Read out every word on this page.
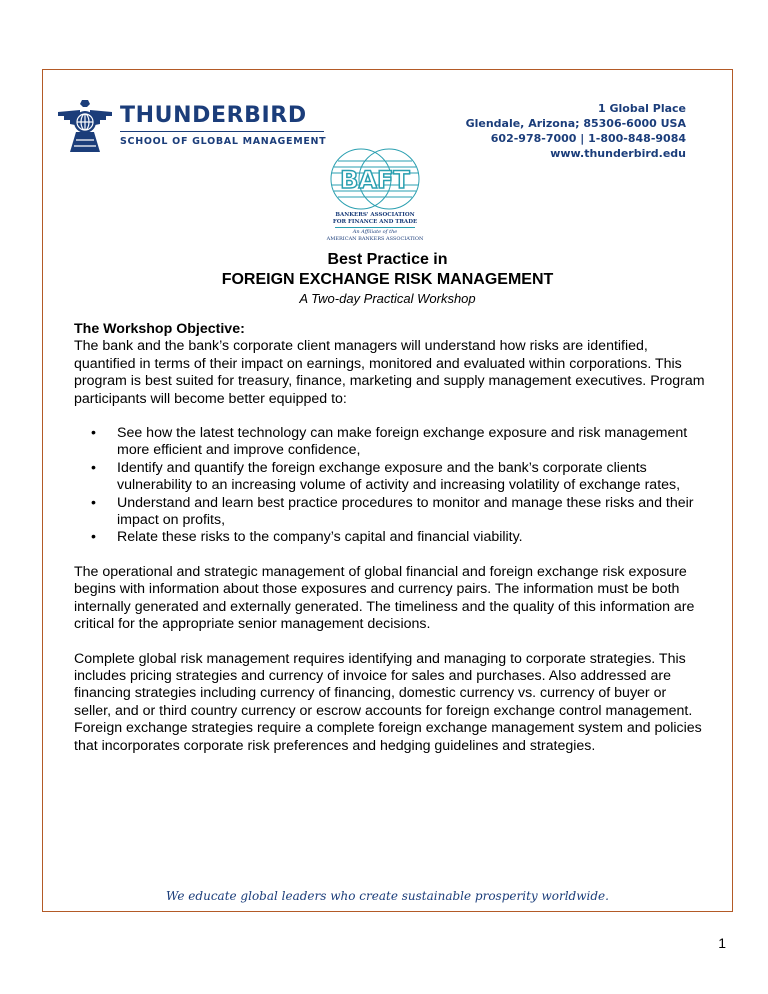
THUNDERBIRD
SCHOOL OF GLOBAL MANAGEMENT
1 Global Place
Glendale, Arizona; 85306-6000 USA
602-978-7000 | 1-800-848-9084
www.thunderbird.edu
BAFT
BANKERS' ASSOCIATION
FOR FINANCE AND TRADE
An Affiliate of the
AMERICAN BANKERS ASSOCIATION
Best Practice in
FOREIGN EXCHANGE RISK MANAGEMENT
A Two-day Practical Workshop

The Workshop Objective:

The bank and the bank’s corporate client managers will understand how risks are identified, quantified in terms of their impact on earnings, monitored and evaluated within corporations. This program is best suited for treasury, finance, marketing and supply management executives. Program participants will become better equipped to:

• See how the latest technology can make foreign exchange exposure and risk management more efficient and improve confidence,
• Identify and quantify the foreign exchange exposure and the bank’s corporate clients vulnerability to an increasing volume of activity and increasing volatility of exchange rates,
• Understand and learn best practice procedures to monitor and manage these risks and their impact on profits,
• Relate these risks to the company’s capital and financial viability.

The operational and strategic management of global financial and foreign exchange risk exposure begins with information about those exposures and currency pairs. The information must be both internally generated and externally generated. The timeliness and the quality of this information are critical for the appropriate senior management decisions.

Complete global risk management requires identifying and managing to corporate strategies. This includes pricing strategies and currency of invoice for sales and purchases. Also addressed are financing strategies including currency of financing, domestic currency vs. currency of buyer or seller, and or third country currency or escrow accounts for foreign exchange control management. Foreign exchange strategies require a complete foreign exchange management system and policies that incorporates corporate risk preferences and hedging guidelines and strategies.

We educate global leaders who create sustainable prosperity worldwide.
1
